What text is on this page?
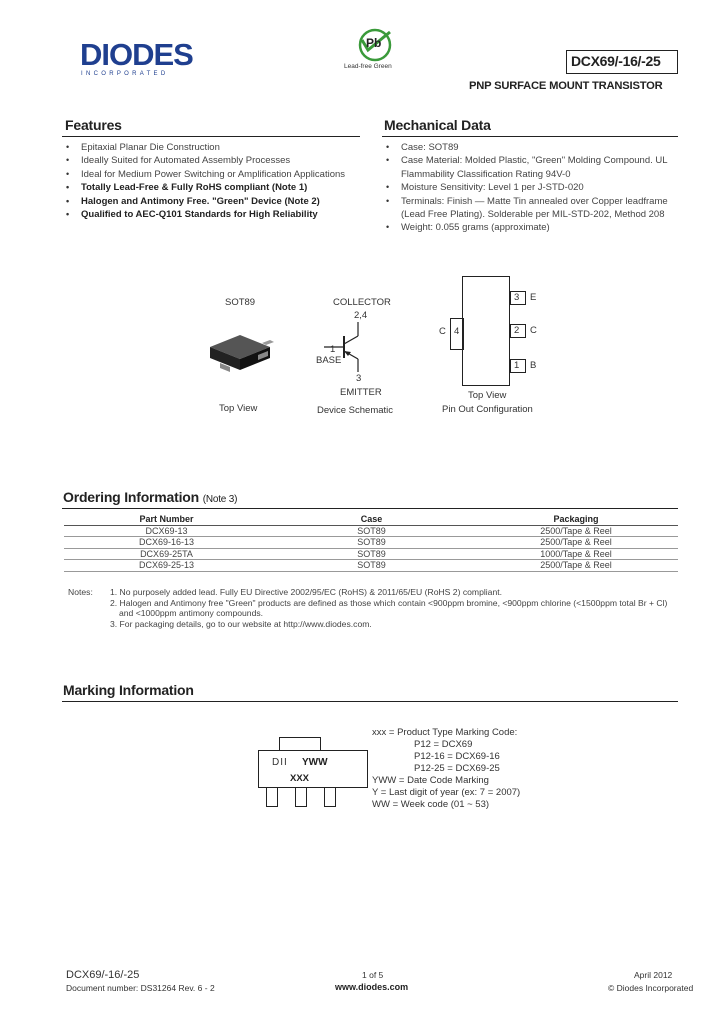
DIODES
INCORPORATED
Pb
Lead-free Green	DCX69/-16/-25
PNP SURFACE MOUNT TRANSISTOR
Features
• Epitaxial Planar Die Construction
• Ideally Suited for Automated Assembly Processes
• Ideal for Medium Power Switching or Amplification Applications
• Totally Lead-Free & Fully RoHS compliant (Note 1)
• Halogen and Antimony Free. "Green" Device (Note 2)
• Qualified to AEC-Q101 Standards for High Reliability
Mechanical Data
• Case: SOT89
• Case Material: Molded Plastic, "Green" Molding Compound. UL Flammability Classification Rating 94V-0
• Moisture Sensitivity: Level 1 per J-STD-020
• Terminals: Finish — Matte Tin annealed over Copper leadframe (Lead Free Plating). Solderable per MIL-STD-202, Method 208
• Weight: 0.055 grams (approximate)
SOT89
Top View
COLLECTOR
2,4
1
BASE
3
EMITTER
Device Schematic
4
C
3 E
2 C
1 B
Top View
Pin Out Configuration
Ordering Information (Note 3)
Part Number	Case	Packaging
DCX69-13	SOT89	2500/Tape & Reel
DCX69-16-13	SOT89	2500/Tape & Reel
DCX69-25TA	SOT89	1000/Tape & Reel
DCX69-25-13	SOT89	2500/Tape & Reel
Notes: 1. No purposely added lead. Fully EU Directive 2002/95/EC (RoHS) & 2011/65/EU (RoHS 2) compliant.
2. Halogen and Antimony free "Green" products are defined as those which contain <900ppm bromine, <900ppm chlorine (<1500ppm total Br + Cl)
and <1000ppm antimony compounds.
3. For packaging details, go to our website at http://www.diodes.com.
Marking Information
DII YWW
XXX
xxx = Product Type Marking Code:
P12 = DCX69
P12-16 = DCX69-16
P12-25 = DCX69-25
YWW = Date Code Marking
Y = Last digit of year (ex: 7 = 2007)
WW = Week code (01 ~ 53)
DCX69/-16/-25
Document number: DS31264 Rev. 6 - 2
1 of 5
www.diodes.com
April 2012
© Diodes Incorporated
